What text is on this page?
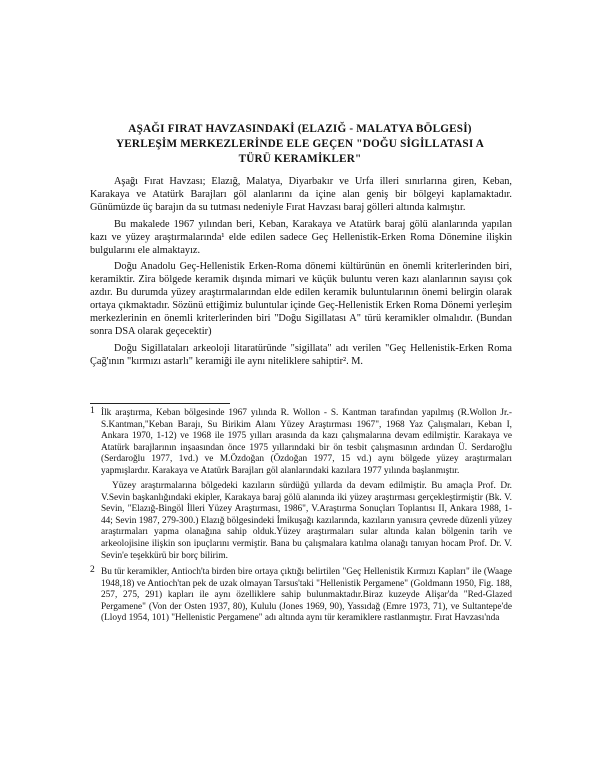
AŞAĞI FIRAT HAVZASINDAKİ (ELAZIĞ - MALATYA BÖLGESİ)
YERLEŞİM MERKEZLERİNDE ELE GEÇEN "DOĞU SİGİLLATASI A
TÜRÜ KERAMİKLER"

Aşağı Fırat Havzası; Elazığ, Malatya, Diyarbakır ve Urfa illeri sınırlarına giren, Keban, Karakaya ve Atatürk Barajları göl alanlarını da içine alan geniş bir bölgeyi kaplamaktadır. Günümüzde üç barajın da su tutması nedeniyle Fırat Havzası baraj gölleri altında kalmıştır.

Bu makalede 1967 yılından beri, Keban, Karakaya ve Atatürk baraj gölü alanlarında yapılan kazı ve yüzey araştırmalarında¹ elde edilen sadece Geç Hellenistik-Erken Roma Dönemine ilişkin bulgularını ele almaktayız.

Doğu Anadolu Geç-Hellenistik Erken-Roma dönemi kültürünün en önemli kriterlerinden biri, keramiktir. Zira bölgede keramik dışında mimari ve küçük buluntu veren kazı alanlarının sayısı çok azdır. Bu durumda yüzey araştırmalarından elde edilen keramik buluntularının önemi belirgin olarak ortaya çıkmaktadır. Sözünü ettiğimiz buluntular içinde Geç-Hellenistik Erken Roma Dönemi yerleşim merkezlerinin en önemli kriterlerinden biri "Doğu Sigillatası A" türü keramikler olmalıdır. (Bundan sonra DSA olarak geçecektir)

Doğu Sigillataları arkeoloji litaratüründe "sigillata" adı verilen "Geç Hellenistik-Erken Roma Çağ'ının "kırmızı astarlı" keramiği ile aynı niteliklere sahiptir². M.

1 İlk araştırma, Keban bölgesinde 1967 yılında R. Wollon - S. Kantman tarafından yapılmış (R.Wollon Jr.- S.Kantman,"Keban Barajı, Su Birikim Alanı Yüzey Araştırması 1967", 1968 Yaz Çalışmaları, Keban I, Ankara 1970, 1-12) ve 1968 ile 1975 yılları arasında da kazı çalışmalarına devam edilmiştir. Karakaya ve Atatürk barajlarının inşaasından önce 1975 yıllarındaki bir ön tesbit çalışmasının ardından Ü. Serdaroğlu (Serdaroğlu 1977, 1vd.) ve M.Özdoğan (Özdoğan 1977, 15 vd.) aynı bölgede yüzey araştırmaları yapmışlardır. Karakaya ve Atatürk Barajları göl alanlarındaki kazılara 1977 yılında başlanmıştır.

Yüzey araştırmalarına bölgedeki kazıların sürdüğü yıllarda da devam edilmiştir. Bu amaçla Prof. Dr. V.Sevin başkanlığındaki ekipler, Karakaya baraj gölü alanında iki yüzey araştırması gerçekleştirmiştir (Bk. V. Sevin, "Elazığ-Bingöl İlleri Yüzey Araştırması, 1986", V.Araştırma Sonuçları Toplantısı II, Ankara 1988, 1-44; Sevin 1987, 279-300.) Elazığ bölgesindeki İmikuşağı kazılarında, kazıların yanısıra çevrede düzenli yüzey araştırmaları yapma olanağına sahip olduk.Yüzey araştırmaları sular altında kalan bölgenin tarih ve arkeolojisine ilişkin son ipuçlarını vermiştir. Bana bu çalışmalara katılma olanağı tanıyan hocam Prof. Dr. V. Sevin'e teşekkürü bir borç bilirim.

2 Bu tür keramikler, Antioch'ta birden bire ortaya çıktığı belirtilen "Geç Hellenistik Kırmızı Kapları" ile (Waage 1948,18) ve Antioch'tan pek de uzak olmayan Tarsus'taki "Hellenistik Pergamene" (Goldmann 1950, Fig. 188, 257, 275, 291) kapları ile aynı özelliklere sahip bulunmaktadır.Biraz kuzeyde Alişar'da "Red-Glazed Pergamene" (Von der Osten 1937, 80), Kululu (Jones 1969, 90), Yassıdağ (Emre 1973, 71), ve Sultantepe'de (Lloyd 1954, 101) "Hellenistic Pergamene" adı altında aynı tür keramiklere rastlanmıştır. Fırat Havzası'nda
